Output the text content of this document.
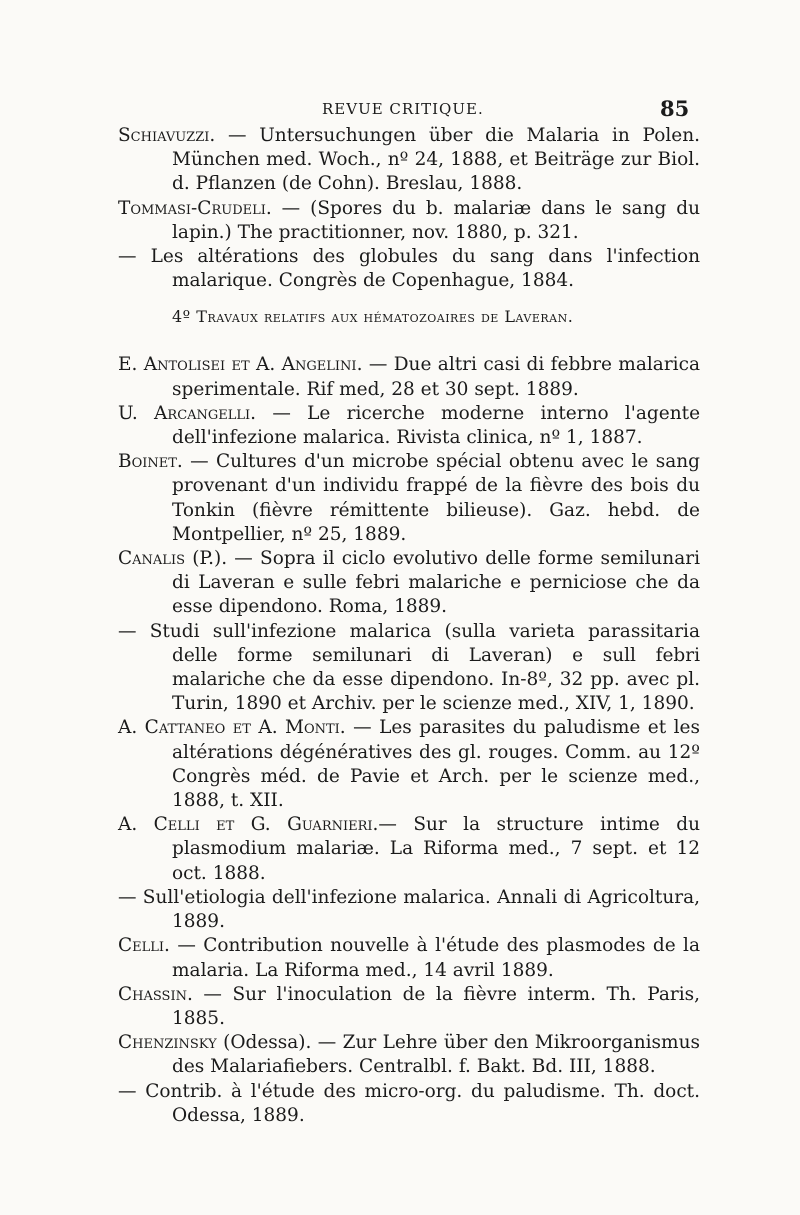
REVUE CRITIQUE.	85
Schiavuzzi. — Untersuchungen über die Malaria in Polen. München med. Woch., nº 24, 1888, et Beiträge zur Biol. d. Pflanzen (de Cohn). Breslau, 1888.
Tommasi-Crudeli. — (Spores du b. malariæ dans le sang du lapin.) The practitionner, nov. 1880, p. 321.
— Les altérations des globules du sang dans l'infection malarique. Congrès de Copenhague, 1884.
4º Travaux relatifs aux hématozoaires de Laveran.
E. Antolisei et A. Angelini. — Due altri casi di febbre malarica sperimentale. Rif med, 28 et 30 sept. 1889.
U. Arcangelli. — Le ricerche moderne interno l'agente dell'infezione malarica. Rivista clinica, nº 1, 1887.
Boinet. — Cultures d'un microbe spécial obtenu avec le sang provenant d'un individu frappé de la fièvre des bois du Tonkin (fièvre rémittente bilieuse). Gaz. hebd. de Montpellier, nº 25, 1889.
Canalis (P.). — Sopra il ciclo evolutivo delle forme semilunari di Laveran e sulle febri malariche e perniciose che da esse dipendono. Roma, 1889.
— Studi sull'infezione malarica (sulla varieta parassitaria delle forme semilunari di Laveran) e sull febri malariche che da esse dipendono. In-8º, 32 pp. avec pl. Turin, 1890 et Archiv. per le scienze med., XIV, 1, 1890.
A. Cattaneo et A. Monti. — Les parasites du paludisme et les altérations dégénératives des gl. rouges. Comm. au 12º Congrès méd. de Pavie et Arch. per le scienze med., 1888, t. XII.
A. Celli et G. Guarnieri.— Sur la structure intime du plasmodium malariæ. La Riforma med., 7 sept. et 12 oct. 1888.
— Sull'etiologia dell'infezione malarica. Annali di Agricoltura, 1889.
Celli. — Contribution nouvelle à l'étude des plasmodes de la malaria. La Riforma med., 14 avril 1889.
Chassin. — Sur l'inoculation de la fièvre interm. Th. Paris, 1885.
Chenzinsky (Odessa). — Zur Lehre über den Mikroorganismus des Malariafiebers. Centralbl. f. Bakt. Bd. III, 1888.
— Contrib. à l'étude des micro-org. du paludisme. Th. doct. Odessa, 1889.
